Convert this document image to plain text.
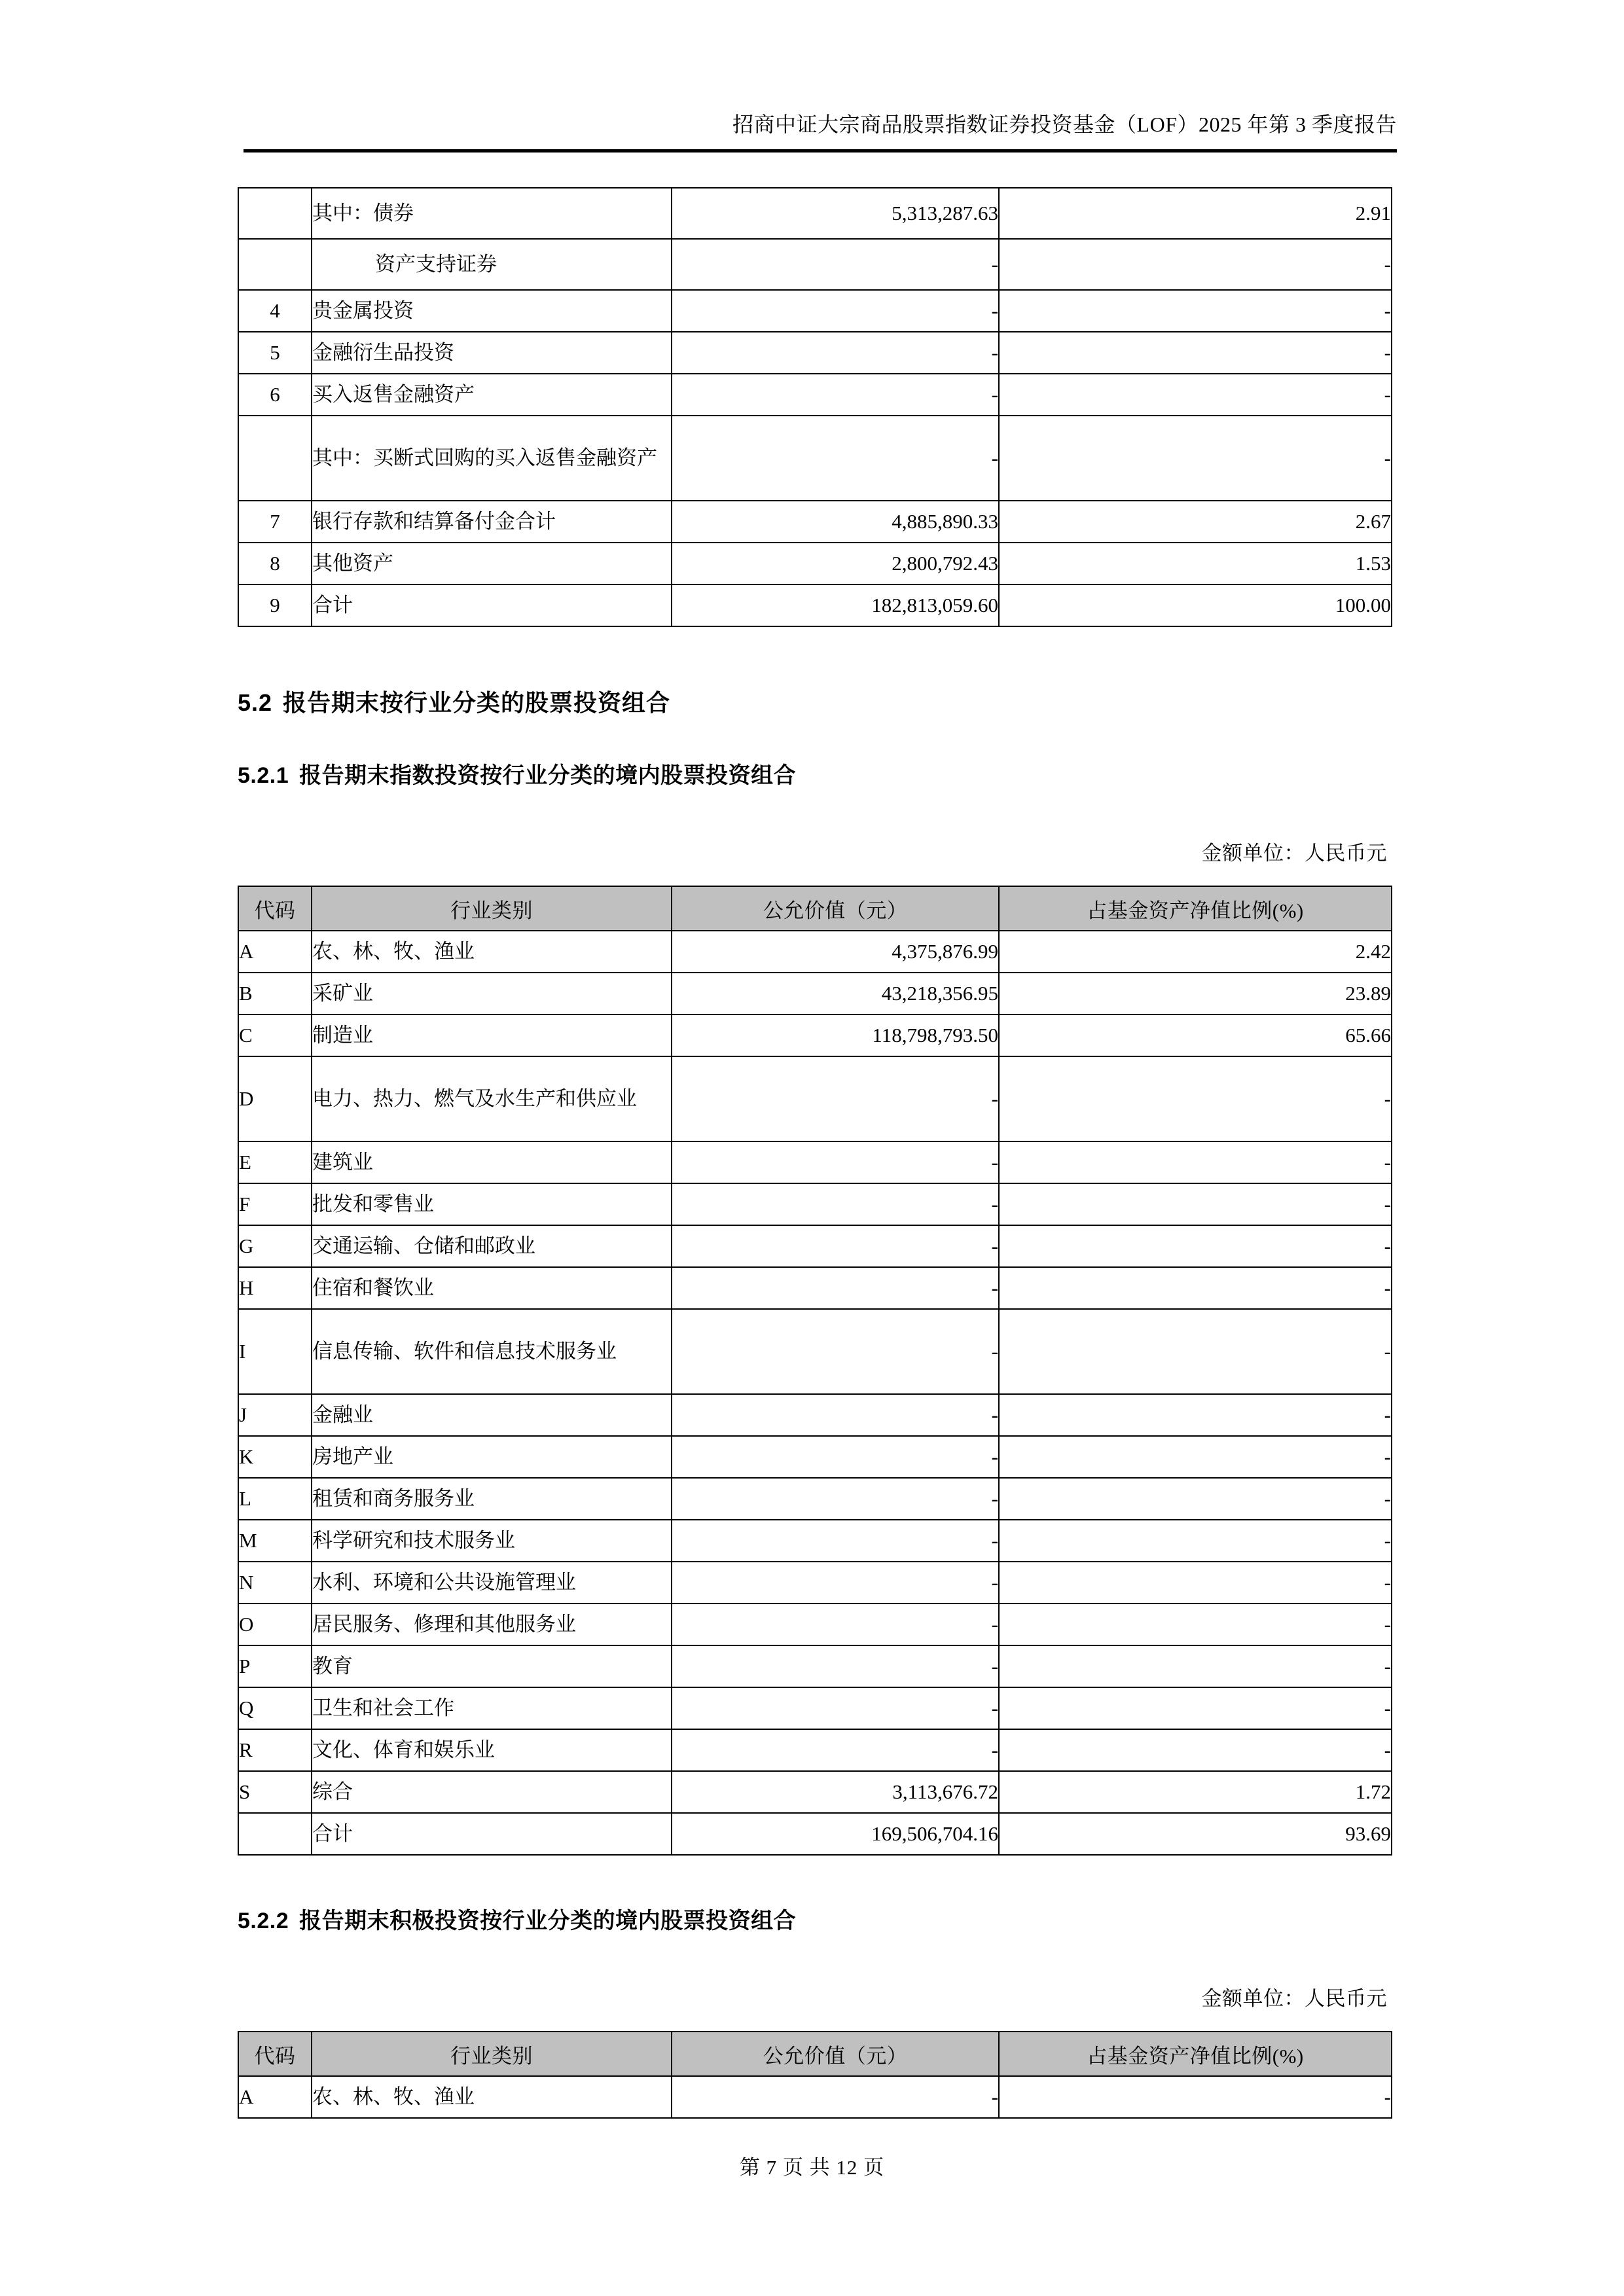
招商中证大宗商品股票指数证券投资基金（LOF）2025 年第 3 季度报告
	其中：债券	5,313,287.63	2.91
	资产支持证券	-	-
4	贵金属投资	-	-
5	金融衍生品投资	-	-
6	买入返售金融资产	-	-
	其中：买断式回购的买入返售金融资产	-	-
7	银行存款和结算备付金合计	4,885,890.33	2.67
8	其他资产	2,800,792.43	1.53
9	合计	182,813,059.60	100.00
5.2 报告期末按行业分类的股票投资组合
5.2.1 报告期末指数投资按行业分类的境内股票投资组合
金额单位：人民币元
代码	行业类别	公允价值（元）	占基金资产净值比例(%)
A	农、林、牧、渔业	4,375,876.99	2.42
B	采矿业	43,218,356.95	23.89
C	制造业	118,798,793.50	65.66
D	电力、热力、燃气及水生产和供应业	-	-
E	建筑业	-	-
F	批发和零售业	-	-
G	交通运输、仓储和邮政业	-	-
H	住宿和餐饮业	-	-
I	信息传输、软件和信息技术服务业	-	-
J	金融业	-	-
K	房地产业	-	-
L	租赁和商务服务业	-	-
M	科学研究和技术服务业	-	-
N	水利、环境和公共设施管理业	-	-
O	居民服务、修理和其他服务业	-	-
P	教育	-	-
Q	卫生和社会工作	-	-
R	文化、体育和娱乐业	-	-
S	综合	3,113,676.72	1.72
	合计	169,506,704.16	93.69
5.2.2 报告期末积极投资按行业分类的境内股票投资组合
金额单位：人民币元
代码	行业类别	公允价值（元）	占基金资产净值比例(%)
A	农、林、牧、渔业	-	-
第 7 页 共 12 页
